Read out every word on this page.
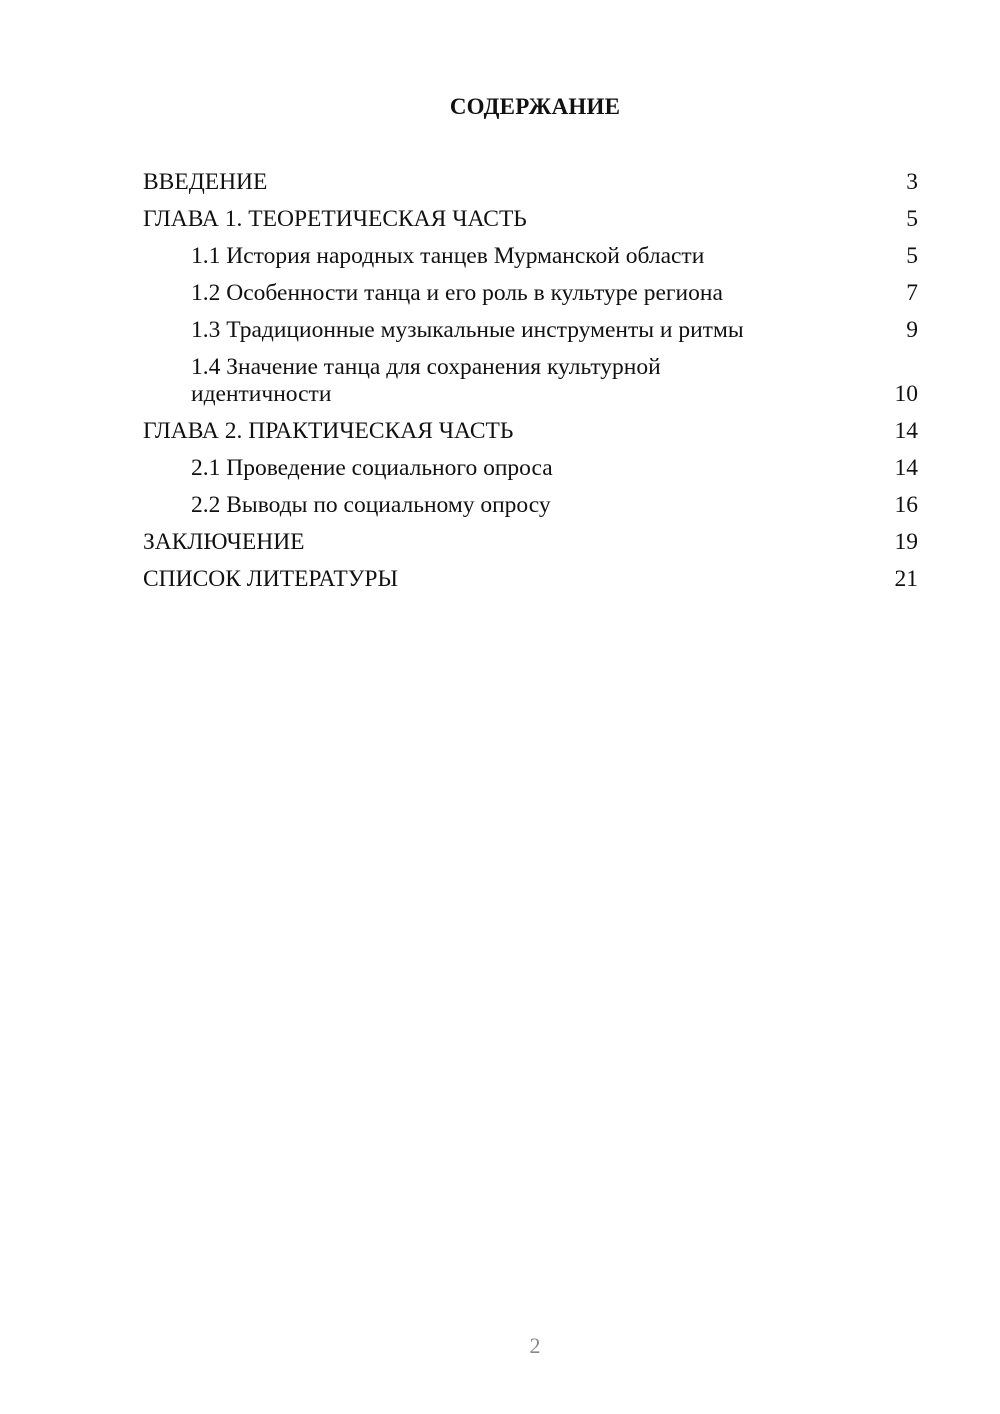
СОДЕРЖАНИЕ
ВВЕДЕНИЕ	3
ГЛАВА 1. ТЕОРЕТИЧЕСКАЯ ЧАСТЬ	5
1.1 История народных танцев Мурманской области	5
1.2 Особенности танца и его роль в культуре региона	7
1.3 Традиционные музыкальные инструменты и ритмы	9
1.4 Значение танца для сохранения культурной идентичности	10
ГЛАВА 2. ПРАКТИЧЕСКАЯ ЧАСТЬ	14
2.1 Проведение социального опроса	14
2.2 Выводы по социальному опросу	16
ЗАКЛЮЧЕНИЕ	19
СПИСОК ЛИТЕРАТУРЫ	21
2
